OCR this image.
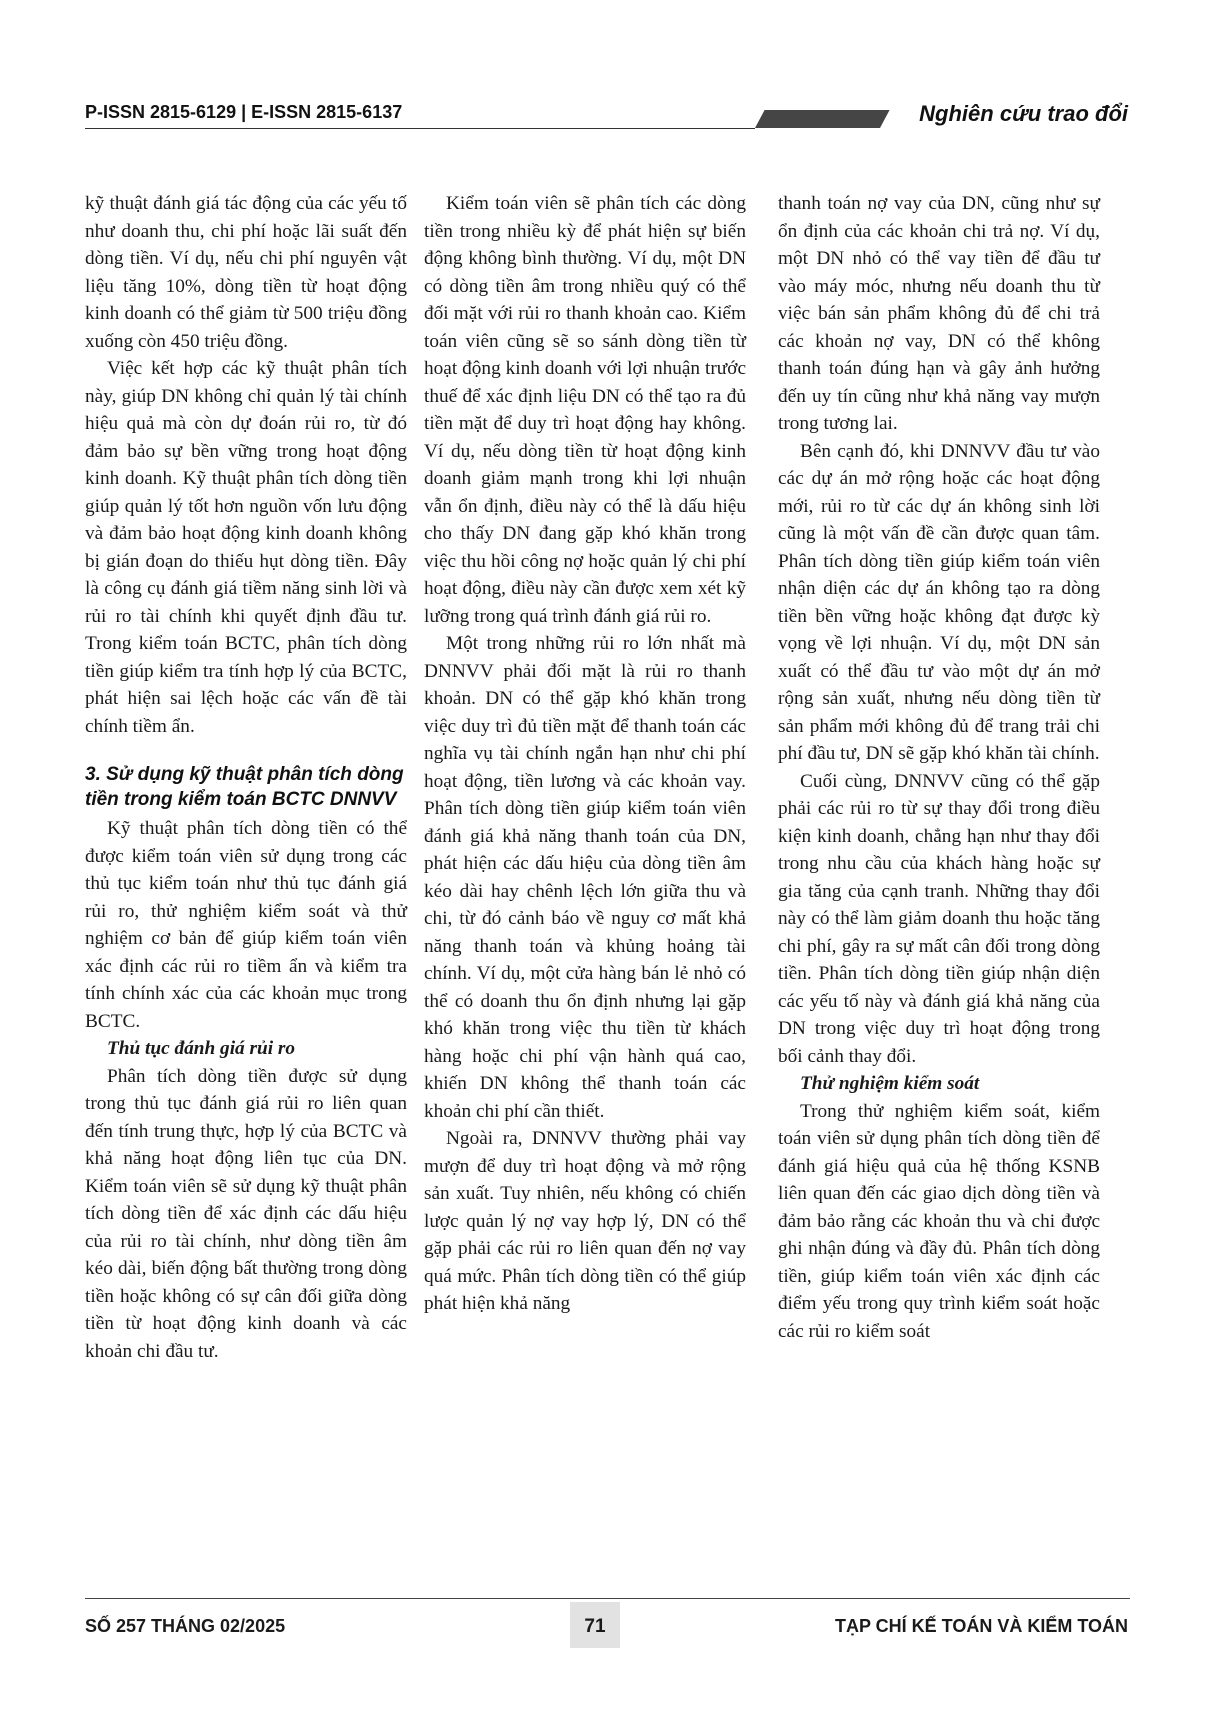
P-ISSN 2815-6129 | E-ISSN 2815-6137	Nghiên cứu trao đổi

kỹ thuật đánh giá tác động của các yếu tố như doanh thu, chi phí hoặc lãi suất đến dòng tiền. Ví dụ, nếu chi phí nguyên vật liệu tăng 10%, dòng tiền từ hoạt động kinh doanh có thể giảm từ 500 triệu đồng xuống còn 450 triệu đồng.

Việc kết hợp các kỹ thuật phân tích này, giúp DN không chỉ quản lý tài chính hiệu quả mà còn dự đoán rủi ro, từ đó đảm bảo sự bền vững trong hoạt động kinh doanh. Kỹ thuật phân tích dòng tiền giúp quản lý tốt hơn nguồn vốn lưu động và đảm bảo hoạt động kinh doanh không bị gián đoạn do thiếu hụt dòng tiền. Đây là công cụ đánh giá tiềm năng sinh lời và rủi ro tài chính khi quyết định đầu tư. Trong kiểm toán BCTC, phân tích dòng tiền giúp kiểm tra tính hợp lý của BCTC, phát hiện sai lệch hoặc các vấn đề tài chính tiềm ẩn.

3. Sử dụng kỹ thuật phân tích dòng tiền trong kiểm toán BCTC DNNVV

Kỹ thuật phân tích dòng tiền có thể được kiểm toán viên sử dụng trong các thủ tục kiểm toán như thủ tục đánh giá rủi ro, thử nghiệm kiểm soát và thử nghiệm cơ bản để giúp kiểm toán viên xác định các rủi ro tiềm ẩn và kiểm tra tính chính xác của các khoản mục trong BCTC.

Thủ tục đánh giá rủi ro

Phân tích dòng tiền được sử dụng trong thủ tục đánh giá rủi ro liên quan đến tính trung thực, hợp lý của BCTC và khả năng hoạt động liên tục của DN. Kiểm toán viên sẽ sử dụng kỹ thuật phân tích dòng tiền để xác định các dấu hiệu của rủi ro tài chính, như dòng tiền âm kéo dài, biến động bất thường trong dòng tiền hoặc không có sự cân đối giữa dòng tiền từ hoạt động kinh doanh và các khoản chi đầu tư.

Kiểm toán viên sẽ phân tích các dòng tiền trong nhiều kỳ để phát hiện sự biến động không bình thường. Ví dụ, một DN có dòng tiền âm trong nhiều quý có thể đối mặt với rủi ro thanh khoản cao. Kiểm toán viên cũng sẽ so sánh dòng tiền từ hoạt động kinh doanh với lợi nhuận trước thuế để xác định liệu DN có thể tạo ra đủ tiền mặt để duy trì hoạt động hay không. Ví dụ, nếu dòng tiền từ hoạt động kinh doanh giảm mạnh trong khi lợi nhuận vẫn ổn định, điều này có thể là dấu hiệu cho thấy DN đang gặp khó khăn trong việc thu hồi công nợ hoặc quản lý chi phí hoạt động, điều này cần được xem xét kỹ lưỡng trong quá trình đánh giá rủi ro.

Một trong những rủi ro lớn nhất mà DNNVV phải đối mặt là rủi ro thanh khoản. DN có thể gặp khó khăn trong việc duy trì đủ tiền mặt để thanh toán các nghĩa vụ tài chính ngắn hạn như chi phí hoạt động, tiền lương và các khoản vay. Phân tích dòng tiền giúp kiểm toán viên đánh giá khả năng thanh toán của DN, phát hiện các dấu hiệu của dòng tiền âm kéo dài hay chênh lệch lớn giữa thu và chi, từ đó cảnh báo về nguy cơ mất khả năng thanh toán và khủng hoảng tài chính. Ví dụ, một cửa hàng bán lẻ nhỏ có thể có doanh thu ổn định nhưng lại gặp khó khăn trong việc thu tiền từ khách hàng hoặc chi phí vận hành quá cao, khiến DN không thể thanh toán các khoản chi phí cần thiết.

Ngoài ra, DNNVV thường phải vay mượn để duy trì hoạt động và mở rộng sản xuất. Tuy nhiên, nếu không có chiến lược quản lý nợ vay hợp lý, DN có thể gặp phải các rủi ro liên quan đến nợ vay quá mức. Phân tích dòng tiền có thể giúp phát hiện khả năng

thanh toán nợ vay của DN, cũng như sự ổn định của các khoản chi trả nợ. Ví dụ, một DN nhỏ có thể vay tiền để đầu tư vào máy móc, nhưng nếu doanh thu từ việc bán sản phẩm không đủ để chi trả các khoản nợ vay, DN có thể không thanh toán đúng hạn và gây ảnh hưởng đến uy tín cũng như khả năng vay mượn trong tương lai.

Bên cạnh đó, khi DNNVV đầu tư vào các dự án mở rộng hoặc các hoạt động mới, rủi ro từ các dự án không sinh lời cũng là một vấn đề cần được quan tâm. Phân tích dòng tiền giúp kiểm toán viên nhận diện các dự án không tạo ra dòng tiền bền vững hoặc không đạt được kỳ vọng về lợi nhuận. Ví dụ, một DN sản xuất có thể đầu tư vào một dự án mở rộng sản xuất, nhưng nếu dòng tiền từ sản phẩm mới không đủ để trang trải chi phí đầu tư, DN sẽ gặp khó khăn tài chính.

Cuối cùng, DNNVV cũng có thể gặp phải các rủi ro từ sự thay đổi trong điều kiện kinh doanh, chẳng hạn như thay đổi trong nhu cầu của khách hàng hoặc sự gia tăng của cạnh tranh. Những thay đổi này có thể làm giảm doanh thu hoặc tăng chi phí, gây ra sự mất cân đối trong dòng tiền. Phân tích dòng tiền giúp nhận diện các yếu tố này và đánh giá khả năng của DN trong việc duy trì hoạt động trong bối cảnh thay đổi.

Thử nghiệm kiểm soát

Trong thử nghiệm kiểm soát, kiểm toán viên sử dụng phân tích dòng tiền để đánh giá hiệu quả của hệ thống KSNB liên quan đến các giao dịch dòng tiền và đảm bảo rằng các khoản thu và chi được ghi nhận đúng và đầy đủ. Phân tích dòng tiền, giúp kiểm toán viên xác định các điểm yếu trong quy trình kiểm soát hoặc các rủi ro kiểm soát

SỐ 257 THÁNG 02/2025	71	TẠP CHÍ KẾ TOÁN VÀ KIỂM TOÁN
